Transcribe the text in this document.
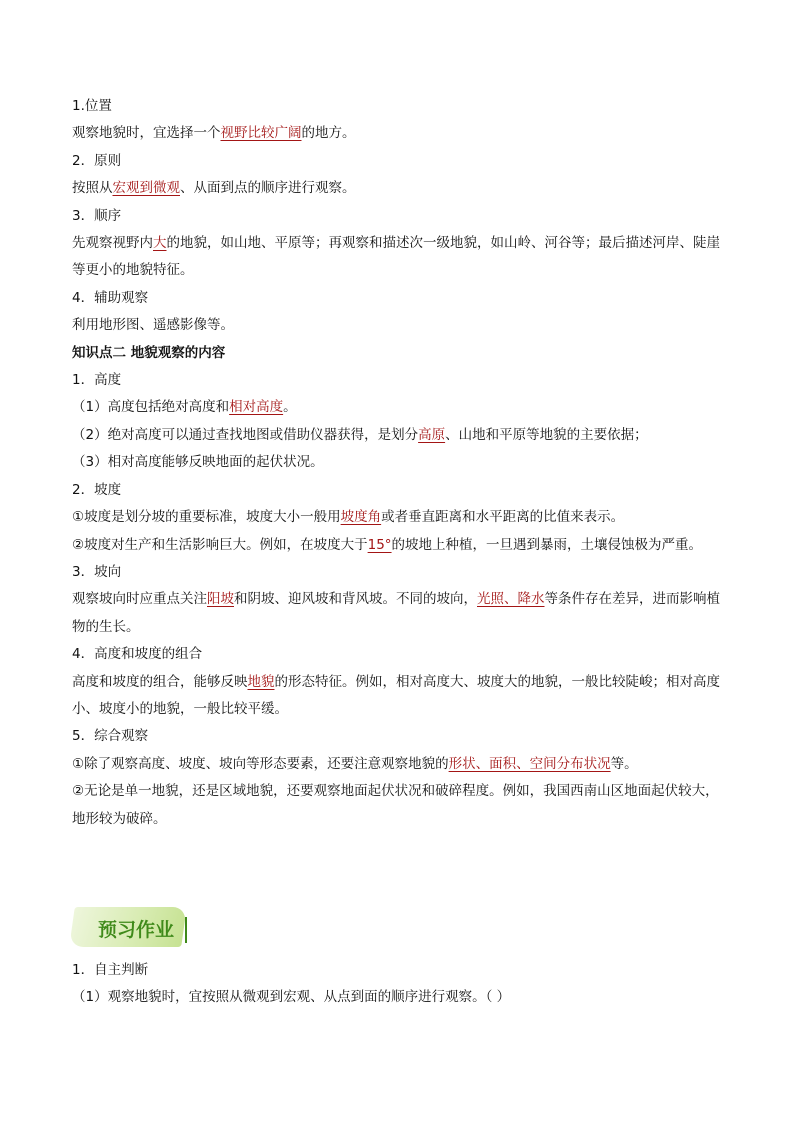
1.位置
观察地貌时，宜选择一个视野比较广阔的地方。
2．原则
按照从宏观到微观、从面到点的顺序进行观察。
3．顺序
先观察视野内大的地貌，如山地、平原等；再观察和描述次一级地貌，如山岭、河谷等；最后描述河岸、陡崖等更小的地貌特征。
4．辅助观察
利用地形图、遥感影像等。
知识点二 地貌观察的内容
1．高度
（1）高度包括绝对高度和相对高度。
（2）绝对高度可以通过查找地图或借助仪器获得，是划分高原、山地和平原等地貌的主要依据；
（3）相对高度能够反映地面的起伏状况。
2．坡度
①坡度是划分坡的重要标准，坡度大小一般用坡度角或者垂直距离和水平距离的比值来表示。
②坡度对生产和生活影响巨大。例如，在坡度大于15°的坡地上种植，一旦遇到暴雨，土壤侵蚀极为严重。
3．坡向
观察坡向时应重点关注阳坡和阴坡、迎风坡和背风坡。不同的坡向，光照、降水等条件存在差异，进而影响植物的生长。
4．高度和坡度的组合
高度和坡度的组合，能够反映地貌的形态特征。例如，相对高度大、坡度大的地貌，一般比较陡峻；相对高度小、坡度小的地貌，一般比较平缓。
5．综合观察
①除了观察高度、坡度、坡向等形态要素，还要注意观察地貌的形状、面积、空间分布状况等。
②无论是单一地貌，还是区域地貌，还要观察地面起伏状况和破碎程度。例如，我国西南山区地面起伏较大，地形较为破碎。
预习作业
1．自主判断
（1）观察地貌时，宜按照从微观到宏观、从点到面的顺序进行观察。（ ）
